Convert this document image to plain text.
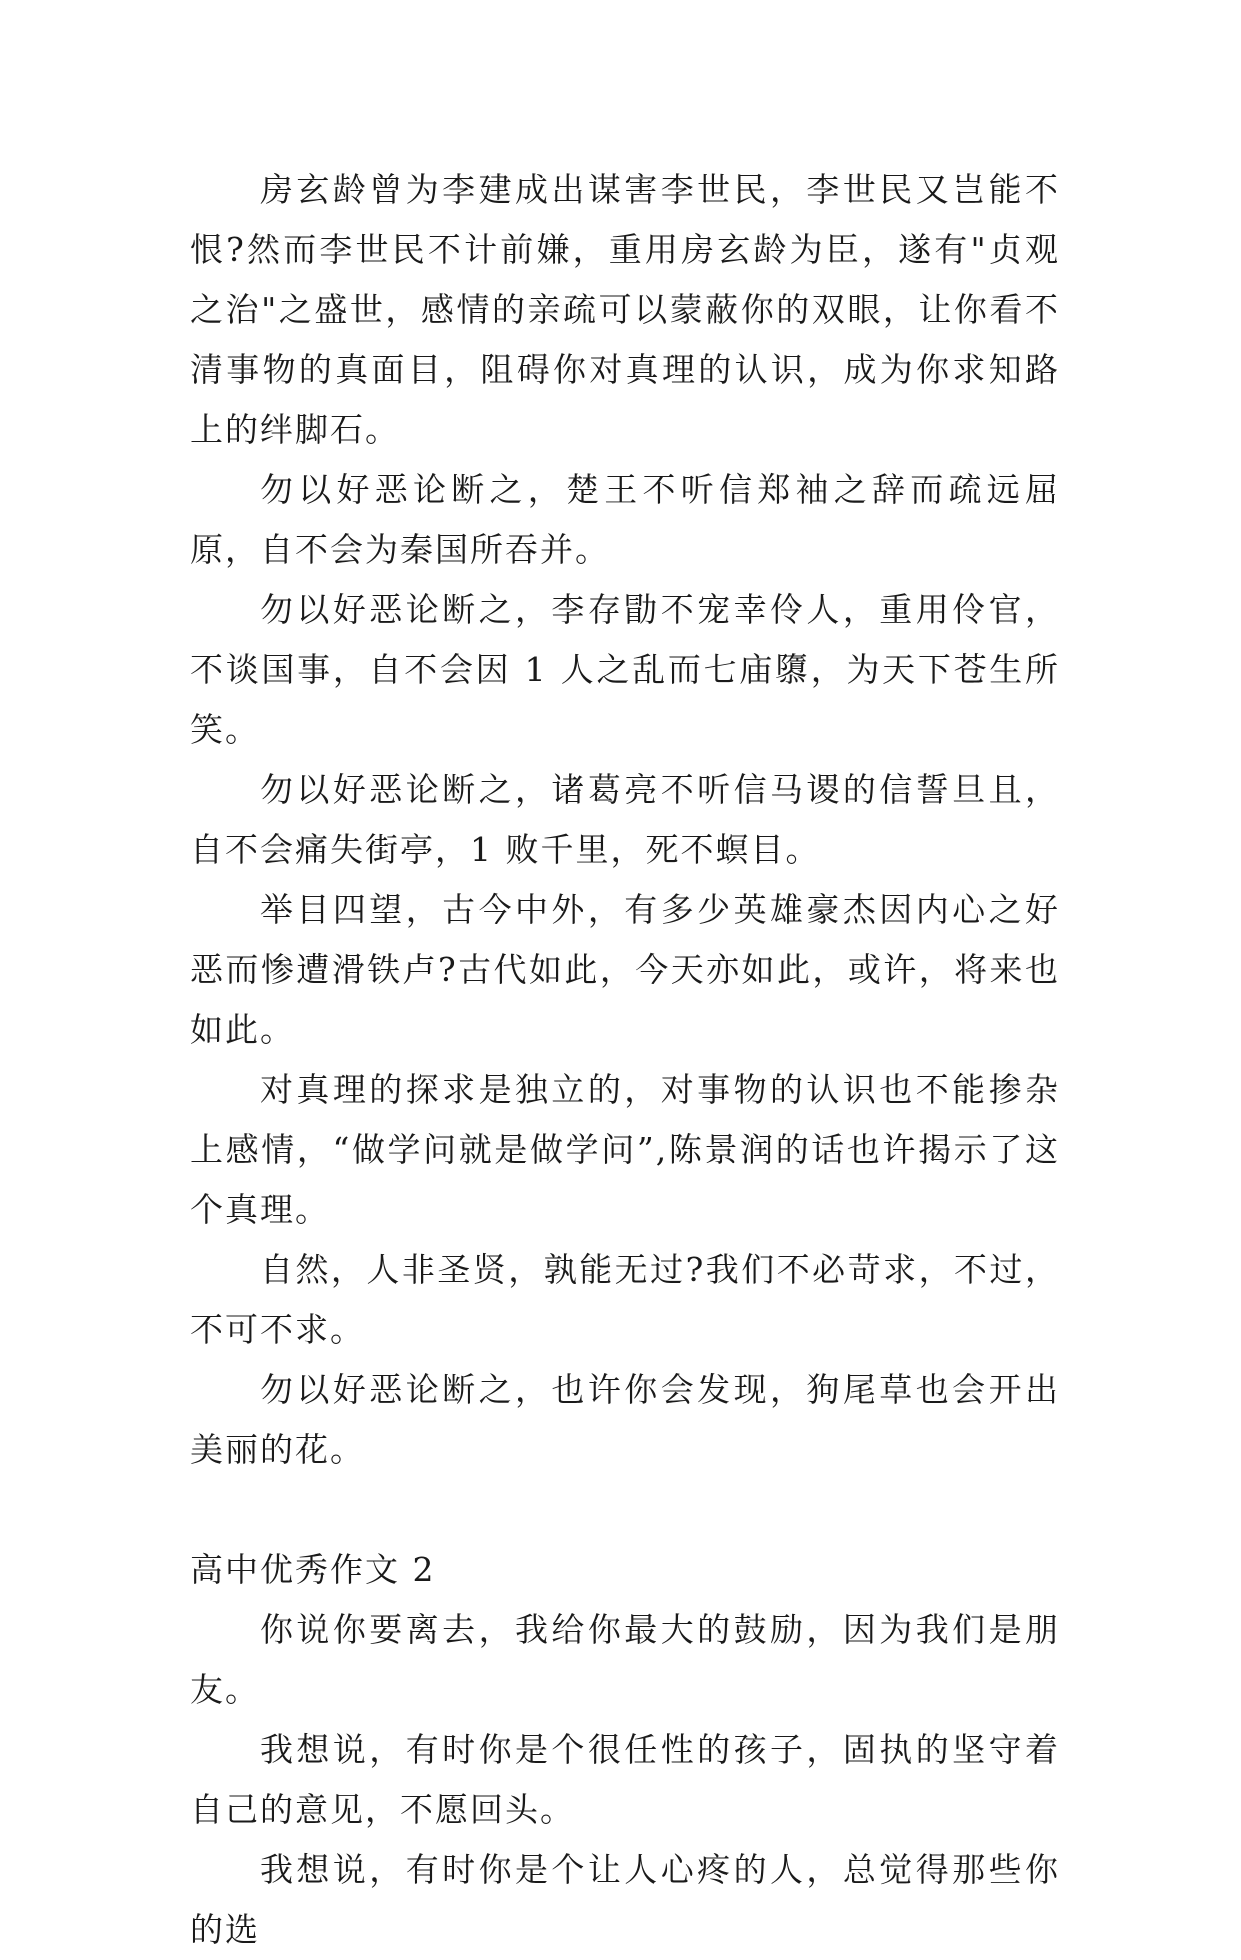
房玄龄曾为李建成出谋害李世民，李世民又岂能不恨?然而李世民不计前嫌，重用房玄龄为臣，遂有"贞观之治"之盛世，感情的亲疏可以蒙蔽你的双眼，让你看不清事物的真面目，阻碍你对真理的认识，成为你求知路上的绊脚石。

勿以好恶论断之，楚王不听信郑袖之辞而疏远屈原，自不会为秦国所吞并。

勿以好恶论断之，李存勖不宠幸伶人，重用伶官，不谈国事，自不会因 1 人之乱而七庙隳，为天下苍生所笑。

勿以好恶论断之，诸葛亮不听信马谡的信誓旦且，自不会痛失街亭，1 败千里，死不螟目。

举目四望，古今中外，有多少英雄豪杰因内心之好恶而惨遭滑铁卢?古代如此，今天亦如此，或许，将来也如此。

对真理的探求是独立的，对事物的认识也不能掺杂上感情，“做学问就是做学问”,陈景润的话也许揭示了这个真理。

自然，人非圣贤，孰能无过?我们不必苛求，不过，不可不求。

勿以好恶论断之，也许你会发现，狗尾草也会开出美丽的花。

高中优秀作文 2

你说你要离去，我给你最大的鼓励，因为我们是朋友。

我想说，有时你是个很任性的孩子，固执的坚守着自己的意见，不愿回头。

我想说，有时你是个让人心疼的人，总觉得那些你的选
